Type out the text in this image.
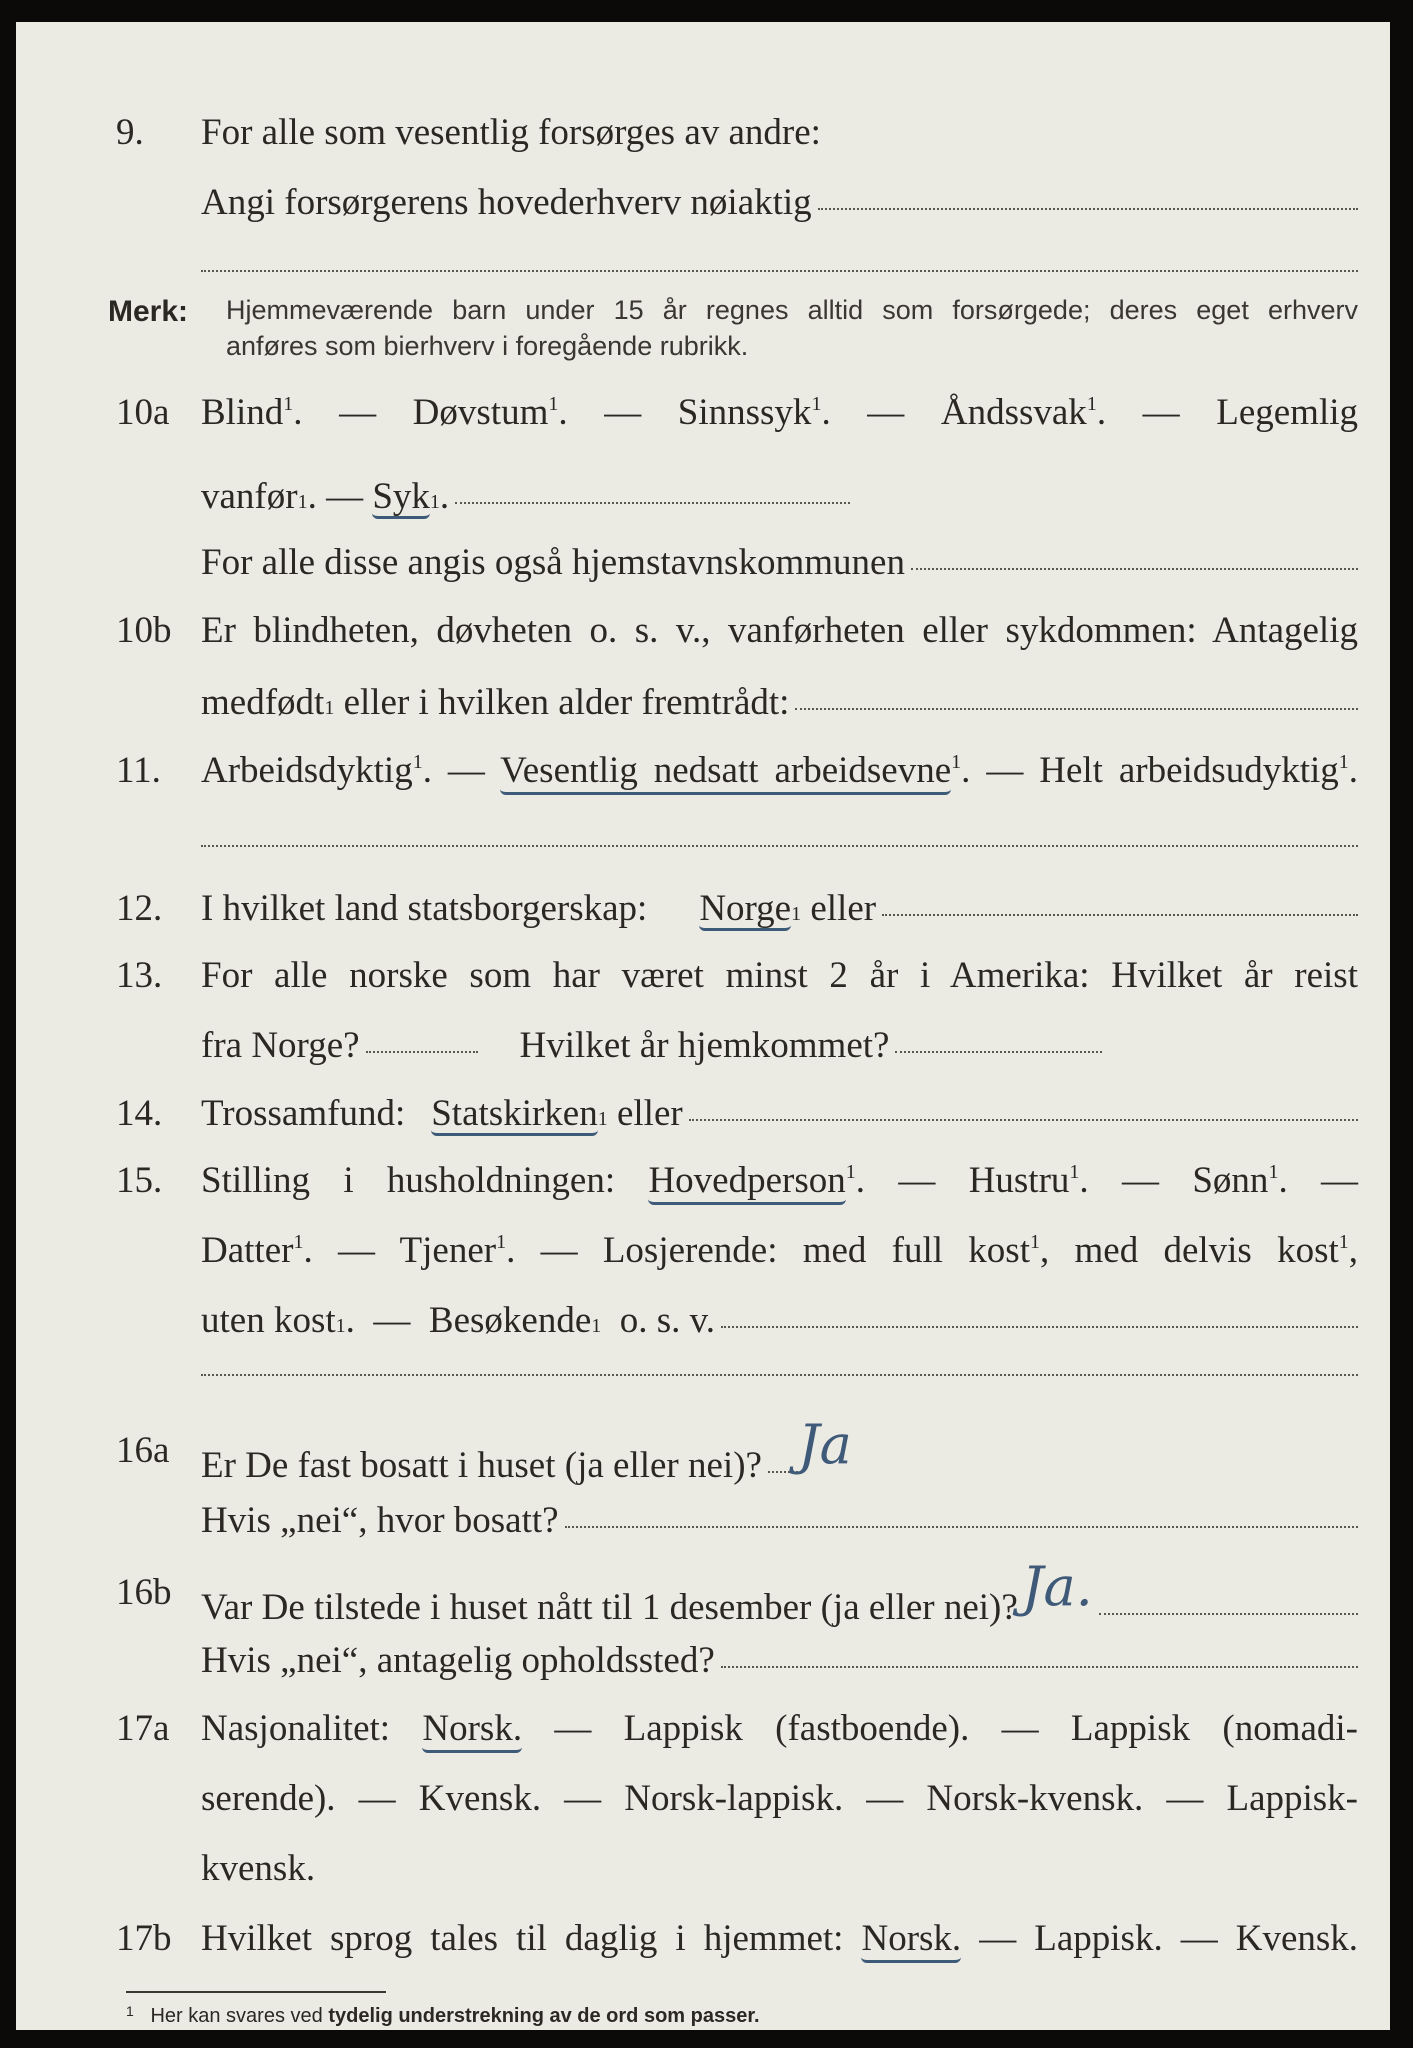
9. For alle som vesentlig forsørges av andre:
Angi forsørgerens hovederhverv nøiaktig
Merk: Hjemmeværende barn under 15 år regnes alltid som forsørgede; deres eget erhverv
anføres som bierhverv i foregående rubrikk.
10a Blind$^1$. — Døvstum$^1$. — Sinnssyk$^1$. — Åndssvak$^1$. — Legemlig
vanfør 1 . — Syk 1 .
For alle disse angis også hjemstavnskommunen
10b Er blindheten, døvheten o. s. v., vanførheten eller sykdommen: Antagelig
medfødt 1
eller i hvilken alder fremtrådt:
11. Arbeidsdyktig$^1$. — Vesentlig nedsatt arbeidsevne$^1$. — Helt arbeidsudyktig$^1$.
12. I hvilket land statsborgerskap: Norge 1
eller
13. For alle norske som har været minst 2 år i Amerika: Hvilket år reist
fra Norge?	Hvilket år hjemkommet?
14. Trossamfund: Statskirken 1
eller
15. Stilling i husholdningen: Hovedperson$^1$. — Hustru$^1$. — Sønn$^1$. —
Datter$^1$. — Tjener$^1$. — Losjerende: med full kost$^1$, med delvis kost$^1$,
uten kost 1 .  — Besøkende 1
o. s. v.
16a Er De fast bosatt i huset (ja eller nei)? Ja
Hvis „nei“, hvor bosatt?
16b Var De tilstede i huset nått til 1 desember (ja eller nei)? Ja.
Hvis „nei“, antagelig opholdssted?
17a Nasjonalitet: Norsk. — Lappisk (fastboende). — Lappisk (nomadi-
serende). — Kvensk. — Norsk-lappisk. — Norsk-kvensk. — Lappisk-
kvensk.
17b Hvilket sprog tales til daglig i hjemmet: Norsk. — Lappisk. — Kvensk.
$^1$ Her kan svares ved tydelig understrekning av de ord som passer.
